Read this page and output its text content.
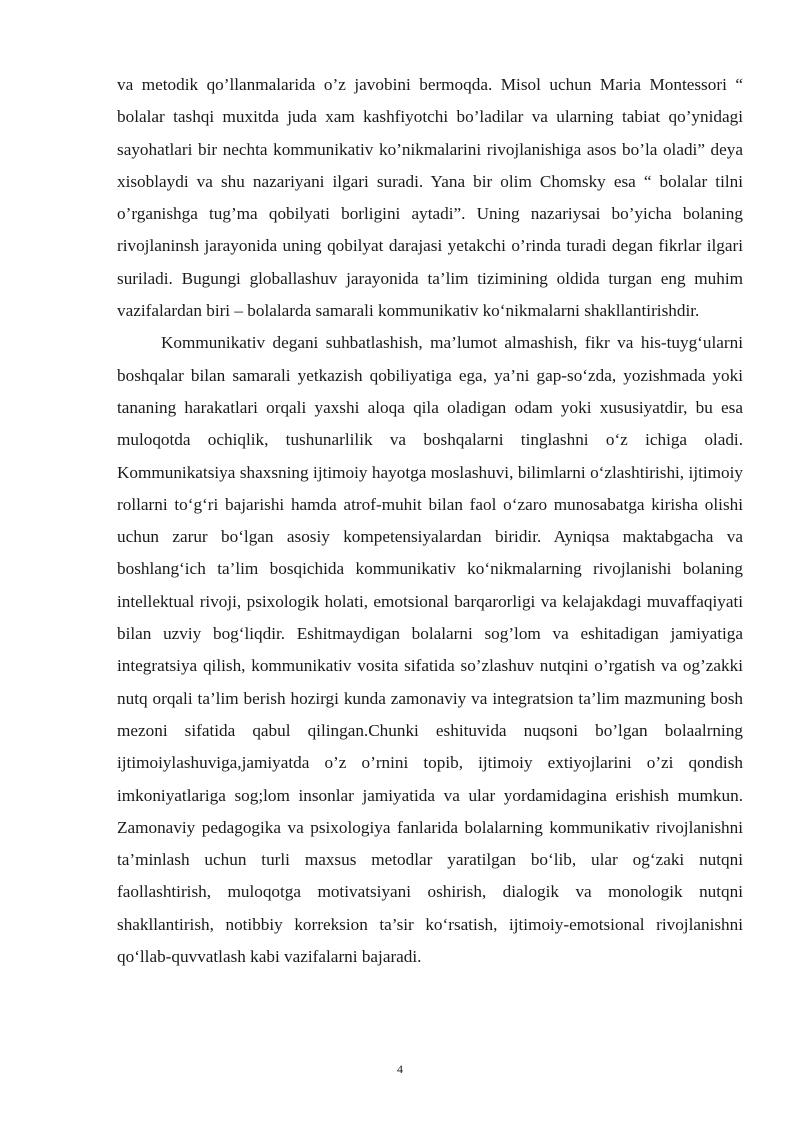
va metodik qo’llanmalarida o’z javobini bermoqda. Misol uchun Maria Montessori “ bolalar tashqi muxitda juda xam kashfiyotchi bo’ladilar va ularning tabiat qo’ynidagi sayohatlari bir nechta kommunikativ ko’nikmalarini rivojlanishiga asos bo’la oladi” deya xisoblaydi va shu nazariyani ilgari suradi. Yana bir olim Chomsky esa “ bolalar tilni o’rganishga tug’ma qobilyati borligini aytadi”. Uning nazariysai bo’yicha bolaning rivojlaninsh jarayonida uning qobilyat darajasi yetakchi o’rinda turadi degan fikrlar ilgari suriladi. Bugungi globallashuv jarayonida ta’lim tizimining oldida turgan eng muhim vazifalardan biri – bolalarda samarali kommunikativ koʻnikmalarni shakllantirishdir.

Kommunikativ degani suhbatlashish, ma’lumot almashish, fikr va his-tuygʻularni boshqalar bilan samarali yetkazish qobiliyatiga ega, ya’ni gap-soʻzda, yozishmada yoki tananing harakatlari orqali yaxshi aloqa qila oladigan odam yoki xususiyatdir, bu esa muloqotda ochiqlik, tushunarlilik va boshqalarni tinglashni oʻz ichiga oladi. Kommunikatsiya shaxsning ijtimoiy hayotga moslashuvi, bilimlarni oʻzlashtirishi, ijtimoiy rollarni toʻgʻri bajarishi hamda atrof-muhit bilan faol oʻzaro munosabatga kirisha olishi uchun zarur boʻlgan asosiy kompetensiyalardan biridir. Ayniqsa maktabgacha va boshlangʻich ta’lim bosqichida kommunikativ koʻnikmalarning rivojlanishi bolaning intellektual rivoji, psixologik holati, emotsional barqarorligi va kelajakdagi muvaffaqiyati bilan uzviy bogʻliqdir. Eshitmaydigan bolalarni sog’lom va eshitadigan jamiyatiga integratsiya qilish, kommunikativ vosita sifatida so’zlashuv nutqini o’rgatish va og’zakki nutq orqali ta’lim berish hozirgi kunda zamonaviy va integratsion ta’lim mazmuning bosh mezoni sifatida qabul qilingan.Chunki eshituvida nuqsoni bo’lgan bolaalrning ijtimoiylashuviga,jamiyatda o’z o’rnini topib, ijtimoiy extiyojlarini o’zi qondish imkoniyatlariga sog;lom insonlar jamiyatida va ular yordamidagina erishish mumkun. Zamonaviy pedagogika va psixologiya fanlarida bolalarning kommunikativ rivojlanishni ta’minlash uchun turli maxsus metodlar yaratilgan boʻlib, ular ogʻzaki nutqni faollashtirish, muloqotga motivatsiyani oshirish, dialogik va monologik nutqni shakllantirish, notibbiy korreksion ta’sir koʻrsatish, ijtimoiy-emotsional rivojlanishni qoʻllab-quvvatlash kabi vazifalarni bajaradi.

4
